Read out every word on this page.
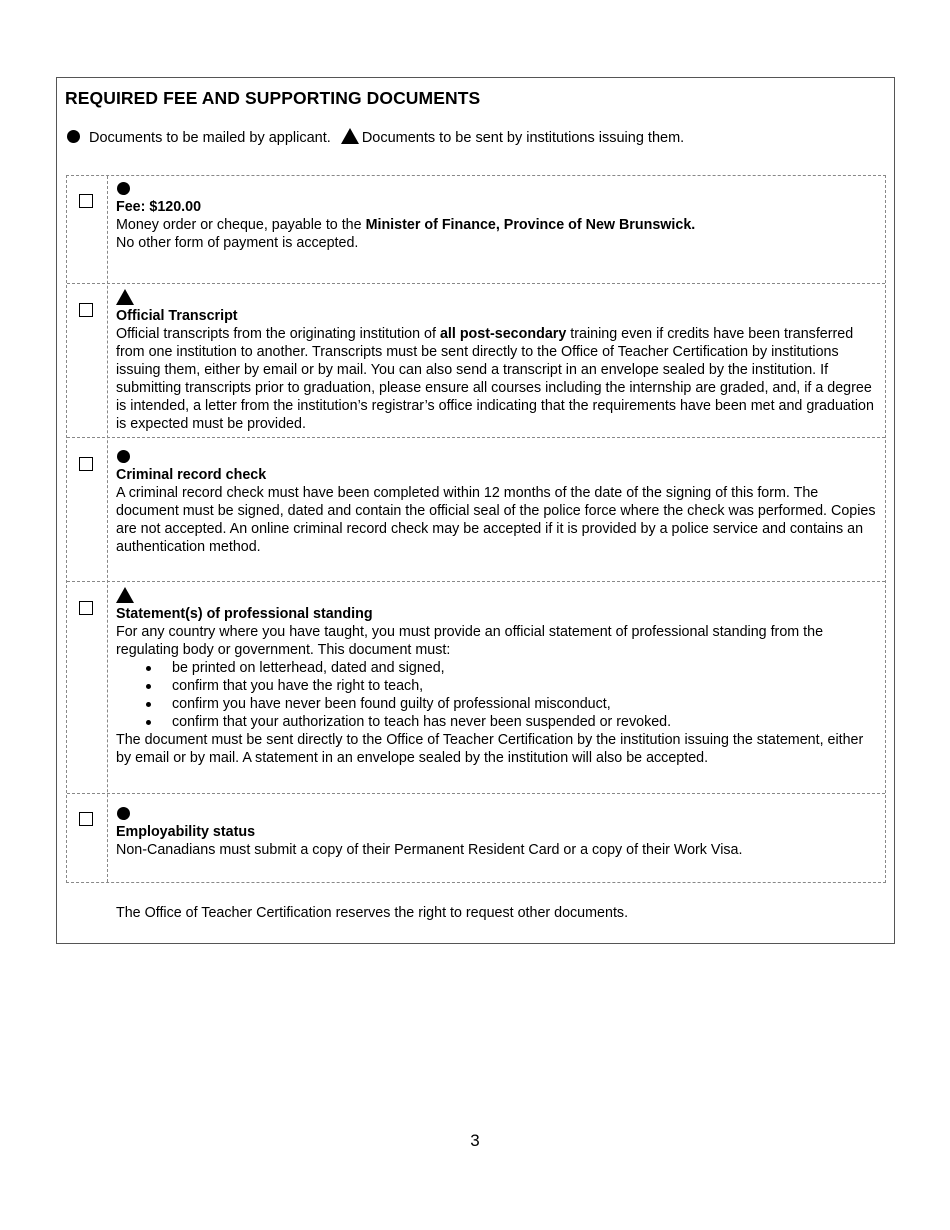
REQUIRED FEE AND SUPPORTING DOCUMENTS
Documents to be mailed by applicant. Documents to be sent by institutions issuing them.
Fee: $120.00
Money order or cheque, payable to the Minister of Finance, Province of New Brunswick.
No other form of payment is accepted.
Official Transcript
Official transcripts from the originating institution of all post-secondary training even if credits have been transferred from one institution to another. Transcripts must be sent directly to the Office of Teacher Certification by institutions issuing them, either by email or by mail. You can also send a transcript in an envelope sealed by the institution. If submitting transcripts prior to graduation, please ensure all courses including the internship are graded, and, if a degree is intended, a letter from the institution’s registrar’s office indicating that the requirements have been met and graduation is expected must be provided.
Criminal record check
A criminal record check must have been completed within 12 months of the date of the signing of this form. The document must be signed, dated and contain the official seal of the police force where the check was performed. Copies are not accepted. An online criminal record check may be accepted if it is provided by a police service and contains an authentication method.
Statement(s) of professional standing
For any country where you have taught, you must provide an official statement of professional standing from the regulating body or government. This document must:
be printed on letterhead, dated and signed,
confirm that you have the right to teach,
confirm you have never been found guilty of professional misconduct,
confirm that your authorization to teach has never been suspended or revoked.
The document must be sent directly to the Office of Teacher Certification by the institution issuing the statement, either by email or by mail. A statement in an envelope sealed by the institution will also be accepted.
Employability status
Non-Canadians must submit a copy of their Permanent Resident Card or a copy of their Work Visa.
The Office of Teacher Certification reserves the right to request other documents.
3
